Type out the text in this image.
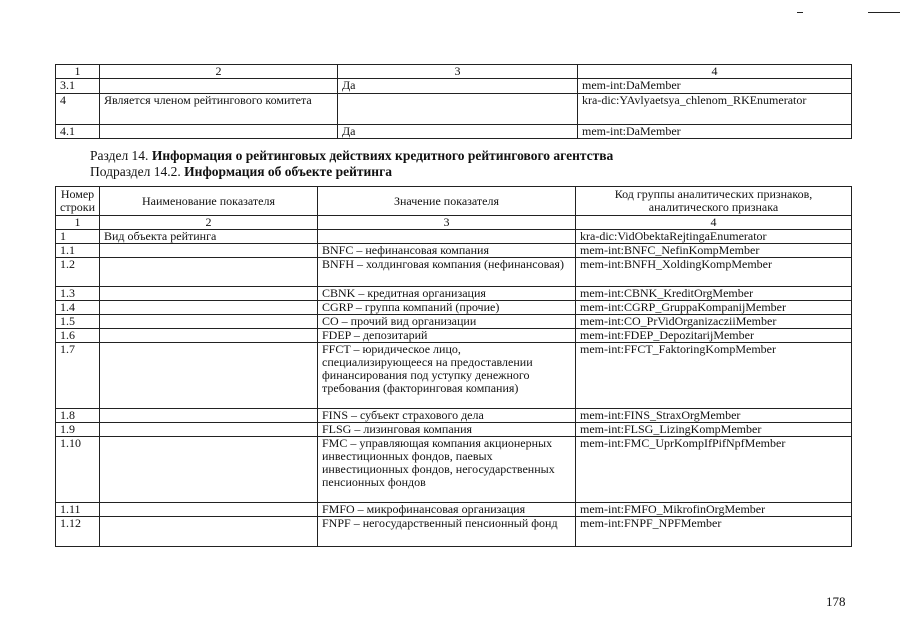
1	2	3	4
3.1		Да	mem-int:DaMember
4	Является членом рейтингового комитета		kra-dic:YAvlyaetsya_chlenom_RKEnumerator
4.1		Да	mem-int:DaMember
Раздел 14. Информация о рейтинговых действиях кредитного рейтингового агентства
Подраздел 14.2. Информация об объекте рейтинга
Номер строки	Наименование показателя	Значение показателя	Код группы аналитических признаков, аналитического признака
1	2	3	4
1	Вид объекта рейтинга		kra-dic:VidObektaRejtingaEnumerator
1.1		BNFC – нефинансовая компания	mem-int:BNFC_NefinKompMember
1.2		BNFH – холдинговая компания (нефинансовая)	mem-int:BNFH_XoldingKompMember
1.3		CBNK – кредитная организация	mem-int:CBNK_KreditOrgMember
1.4		CGRP – группа компаний (прочие)	mem-int:CGRP_GruppaKompanijMember
1.5		CO – прочий вид организации	mem-int:CO_PrVidOrganizacziiMember
1.6		FDEP – депозитарий	mem-int:FDEP_DepozitarijMember
1.7		FFCT – юридическое лицо, специализирующееся на предоставлении финансирования под уступку денежного требования (факторинговая компания)	mem-int:FFCT_FaktoringKompMember
1.8		FINS – субъект страхового дела	mem-int:FINS_StraxOrgMember
1.9		FLSG – лизинговая компания	mem-int:FLSG_LizingKompMember
1.10		FMC – управляющая компания акционерных инвестиционных фондов, паевых инвестиционных фондов, негосударственных пенсионных фондов	mem-int:FMC_UprKompIfPifNpfMember
1.11		FMFO – микрофинансовая организация	mem-int:FMFO_MikrofinOrgMember
1.12		FNPF – негосударственный пенсионный фонд	mem-int:FNPF_NPFMember
178
